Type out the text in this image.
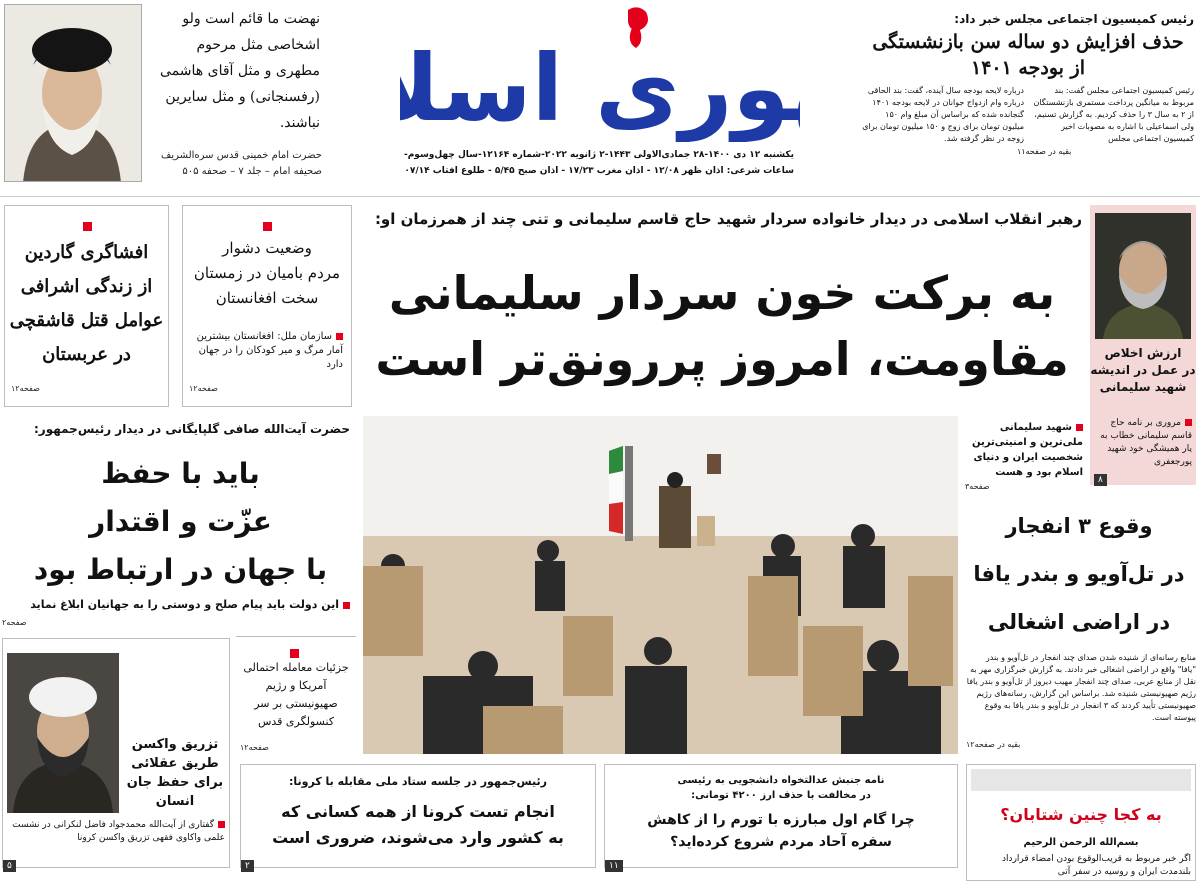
نهضت ما قائم است ولو اشخاصی مثل مرحوم مطهری و مثل آقای هاشمی (رفسنجانی) و مثل سایرین نباشند.
حضرت امام خمینی قدس سره‌الشریف
صحیفه امام – جلد ۷ – صحفه ۵۰۵
وری اسل
یکشنبه ۱۲ دی ۱۴۰۰-۲۸ جمادی‌الاولی ۱۴۴۳-۲ ژانویه ۲۰۲۲-شماره ۱۲۱۶۴-سال چهل‌وسوم-
ساعات شرعی: اذان ظهر ۱۲/۰۸ - اذان مغرب ۱۷/۲۳ - اذان صبح ۵/۴۵ - طلوع آفتاب ۰۷/۱۴
رئیس کمیسیون اجتماعی مجلس خبر داد:
حذف افزایش دو ساله سن بازنشستگی
از بودجه ۱۴۰۱
رئیس کمیسیون اجتماعی مجلس گفت: بند مربوط به میانگین پرداخت مستمری بازنشستگان از ۲ به سال ۳ را حذف کردیم. به گزارش تسنیم، ولی اسماعیلی با اشاره به مصوبات اخیر کمیسیون اجتماعی مجلس
درباره لایحه بودجه سال آینده، گفت: بند الحاقی درباره وام ازدواج جوانان در لایحه بودجه ۱۴۰۱ گنجانده شده که براساس آن مبلغ وام ۱۵۰ میلیون تومان برای زوج و ۱۵۰ میلیون تومان برای زوجه در نظر گرفته شد.
بقیه در صفحه۱۱
افشاگری گاردین
از زندگی اشرافی
عوامل قتل قاشقچی
در عربستان
صفحه۱۲
وضعیت دشوار
مردم بامیان در زمستان
سخت افغانستان
سازمان ملل: افغانستان بیشترین آمار مرگ و میر کودکان را در جهان دارد
صفحه۱۲
رهبر انقلاب اسلامی در دیدار خانواده سردار شهید حاج قاسم سلیمانی و تنی چند از همرزمان او:
به برکت خون سردار سلیمانی
مقاومت، امروز پررونق‌تر است	ارزش اخلاص
در عمل در اندیشه
شهید سلیمانی
مروری بر نامه حاج قاسم سلیمانی خطاب به یار همیشگی خود شهید پورجعفری
۸
حضرت آیت‌الله صافی گلپایگانی در دیدار رئیس‌جمهور:
باید با حفظ
عزّت و اقتدار
با جهان در ارتباط بود
این دولت باید پیام صلح و دوستی را به جهانیان ابلاغ نماید
صفحه۲
شهید سلیمانی ملی‌ترین و امنیتی‌ترین شخصیت ایران و دنیای اسلام بود و هست
صفحه۳
وقوع ۳ انفجار
در تل‌آویو و بندر یافا
در اراضی اشغالی
منابع رسانه‌ای از شنیده شدن صدای چند انفجار در تل‌آویو و بندر "یافا" واقع در اراضی اشغالی خبر دادند. به گزارش خبرگزاری مهر به نقل از منابع عربی، صدای چند انفجار مهیب دیروز از تل‌آویو و بندر یافا رژیم صهیونیستی شنیده شد. براساس این گزارش، رسانه‌های رژیم صهیونیستی تأیید کردند که ۳ انفجار در تل‌آویو و بندر یافا به وقوع پیوسته است.
بقیه در صفحه۱۲
جزئیات معامله احتمالی آمریکا و رژیم صهیونیستی بر سر کنسولگری قدس
صفحه۱۲
تزریق واکسن طریق عقلائی برای حفظ جان انسان
گفتاری از آیت‌الله محمدجواد فاضل لنکرانی در نشست علمی واکاوی فقهی تزریق واکسن کرونا
۵
رئیس‌جمهور در جلسه ستاد ملی مقابله با کرونا:
انجام تست کرونا از همه کسانی که
به کشور وارد می‌شوند، ضروری است
۲
نامه جنبش عدالتخواه دانشجویی به رئیسی
در مخالفت با حذف ارز ۴۲۰۰ تومانی:
چرا گام اول مبارزه با تورم را از کاهش
سفره آحاد مردم شروع کرده‌اید؟
۱۱
به کجا چنین شتابان؟
بسم‌الله الرحمن الرحیم
اگر خبر مربوط به قریب‌الوقوع بودن امضاء قرارداد بلندمدت ایران و روسیه در سفر آتی
